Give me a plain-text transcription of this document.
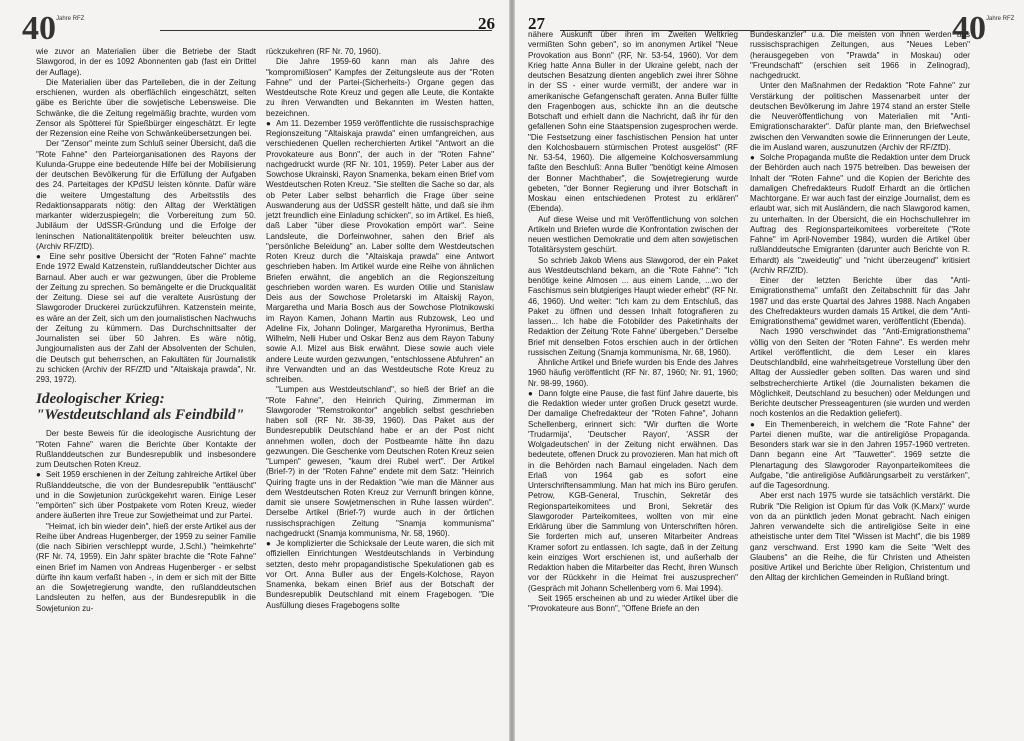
40 Jahre RFZ	40 Jahre RFZ
26 27

wie zuvor an Materialien über die Betriebe der Stadt Slawgorod, in der es 1092 Abonnenten gab (fast ein Drittel der Auflage).

Die Materialien über das Parteileben, die in der Zeitung erschienen, wurden als oberflächlich eingeschätzt, selten gäbe es Berichte über die sowjetische Lebensweise. Die Schwänke, die die Zeitung regelmäßig brachte, wurden vom Zensor als Spötterei für Spießbürger eingeschätzt. Er legte der Rezension eine Reihe von Schwänkeübersetzungen bei.

Der "Zensor" meinte zum Schluß seiner Übersicht, daß die "Rote Fahne" den Parteiorganisationen des Rayons der Kulunda-Gruppe eine bedeutende Hilfe bei der Mobilisierung der deutschen Bevölkerung für die Erfüllung der Aufgaben des 24. Parteitages der KPdSU leisten könnte. Dafür wäre die weitere Umgestaltung des Arbeitsstils des Redaktionsapparats nötig: den Alltag der Werktätigen markanter widerzuspiegeln; die Vorbereitung zum 50. Jubiläum der UdSSR-Gründung und die Erfolge der leninschen Nationalitätenpolitik breiter beleuchten usw. (Archiv RF/ZfD).

●  Eine sehr positive Übersicht der "Roten Fahne" machte Ende 1972 Ewald Katzenstein, rußlanddeutscher Dichter aus Barnaul. Aber auch er war gezwungen, über die Probleme der Zeitung zu sprechen. So bemängelte er die Druckqualität der Zeitung. Diese sei auf die veraltete Ausrüstung der Slawgoroder Druckerei zurückzuführen. Katzenstein meinte, es wäre an der Zeit, sich um den journalistischen Nachwuchs der Zeitung zu kümmern. Das Durchschnittsalter der Journalisten sei über 50 Jahren. Es wäre nötig, Jungjournalisten aus der Zahl der Absolventen der Schulen, die Deutsch gut beherrschen, an Fakultäten für Journalistik zu schicken (Archiv der RF/ZfD und "Altaiskaja prawda", Nr. 293, 1972).

Ideologischer Krieg:
"Westdeutschland als Feindbild"

Der beste Beweis für die ideologische Ausrichtung der "Roten Fahne" waren die Berichte über Kontakte der Rußlanddeutschen zur Bundesrepublik und insbesondere zum Deutschen Roten Kreuz.

●  Seit 1959 erschienen in der Zeitung zahlreiche Artikel über Rußlanddeutsche, die von der Bundesrepublik "enttäuscht" und in die Sowjetunion zurückgekehrt waren. Einige Leser "empörten" sich über Postpakete vom Roten Kreuz, wieder andere äußerten ihre Treue zur Sowjetheimat und zur Partei.

"Heimat, ich bin wieder dein", hieß der erste Artikel aus der Reihe über Andreas Hugenberger, der 1959 zu seiner Familie (die nach Sibirien verschleppt wurde, J.Schl.) "heimkehrte" (RF Nr. 74, 1959). Ein Jahr später brachte die "Rote Fahne" einen Brief im Namen von Andreas Hugenberger - er selbst dürfte ihn kaum verfaßt haben -, in dem er sich mit der Bitte an die Sowjetregierung wandte, den rußlanddeutschen Landsleuten zu helfen, aus der Bundesrepublik in die Sowjetunion zu-

rückzukehren (RF Nr. 70, 1960).

Die Jahre 1959-60 kann man als Jahre des "kompromißlosen" Kampfes der Zeitungsleute aus der "Roten Fahne" und der Partei-(Sicherheits-) Organe gegen das Westdeutsche Rote Kreuz und gegen alle Leute, die Kontakte zu ihren Verwandten und Bekannten im Westen hatten, bezeichnen.

●  Am 11. Dezember 1959 veröffentlichte die russischsprachige Regionszeitung "Altaiskaja prawda" einen umfangreichen, aus verschiedenen Quellen recherchierten Artikel "Antwort an die Provokateure aus Bonn", der auch in der "Roten Fahne" nachgedruckt wurde (RF Nr. 101, 1959). Peter Laber aus der Sowchose Ukrainski, Rayon Snamenka, bekam einen Brief vom Westdeutschen Roten Kreuz. "Sie stellten die Sache so dar, als ob Peter Laber selbst beharrlich die Frage über seine Auswanderung aus der UdSSR gestellt hätte, und daß sie ihm jetzt freundlich eine Einladung schicken", so im Artikel. Es hieß, daß Laber "über diese Provokation empört war". Seine Landsleute, die Dorfeinwohner, sahen den Brief als "persönliche Beleidung" an. Laber sollte dem Westdeutschen Roten Kreuz durch die "Altaiskaja prawda" eine Antwort geschrieben haben. Im Artikel wurde eine Reihe von ähnlichen Briefen erwähnt, die angeblich an die Regionszeitung geschrieben worden waren. Es wurden Otilie und Stanislaw Deis aus der Sowchose Proletarski im Altaiskij Rayon, Margaretha und Maria Bosch aus der Sowchose Plotnikowski im Rayon Kamen, Johann Martin aus Rubzowsk, Leo und Adeline Fix, Johann Dolinger, Margaretha Hyronimus, Bertha Wilhelm, Nelli Huber und Oskar Benz aus dem Rayon Tabuny sowie A.I. Mizel aus Bisk erwähnt. Diese sowie auch viele andere Leute wurden gezwungen, "entschlossene Abfuhren" an ihre Verwandten und an das Westdeutsche Rote Kreuz zu schreiben.

"Lumpen aus Westdeutschland", so hieß der Brief an die "Rote Fahne", den Heinrich Quiring, Zimmerman im Slawgoroder "Remstroikontor" angeblich selbst geschrieben haben soll (RF Nr. 38-39, 1960). Das Paket aus der Bundesrepublik Deutschland habe er an der Post nicht annehmen wollen, doch der Postbeamte hätte ihn dazu gezwungen. Die Geschenke vom Deutschen Roten Kreuz seien "Lumpen" gewesen, "kaum drei Rubel wert". Der Artikel (Brief-?) in der "Roten Fahne" endete mit dem Satz: "Heinrich Quiring fragte uns in der Redaktion "wie man die Männer aus dem Westdeutschen Roten Kreuz zur Vernunft bringen könne, damit sie unsere Sowjetmenschen in Ruhe lassen würden". Derselbe Artikel (Brief-?) wurde auch in der örtlichen russischsprachigen Zeitung "Snamja kommunisma" nachgedruckt (Snamja kommunisma, Nr. 58, 1960).

●  Je komplizierter die Schicksale der Leute waren, die sich mit offiziellen Einrichtungen Westdeutschlands in Verbindung setzten, desto mehr propagandistische Spekulationen gab es vor Ort. Anna Buller aus der Engels-Kolchose, Rayon Snamenka, bekam einen Brief aus der Botschaft der Bundesrepublik Deutschland mit einem Fragebogen. "Die Ausfüllung dieses Fragebogens sollte

nähere Auskunft über ihren im Zweiten Weltkrieg vermißten Sohn geben", so im anonymen Artikel "Neue Provokation aus Bonn" (RF, Nr. 53-54, 1960). Vor dem Krieg hatte Anna Buller in der Ukraine gelebt, nach der deutschen Besatzung dienten angeblich zwei ihrer Söhne in der SS - einer wurde vermißt, der andere war in amerikanische Gefangenschaft geraten. Anna Buller füllte den Fragenbogen aus, schickte ihn an die deutsche Botschaft und erhielt dann die Nachricht, daß ihr für den gefallenen Sohn eine Staatspension zugesprochen werde. "Die Festsetzung einer faschistischen Pension hat unter den Kolchosbauern stürmischen Protest ausgelöst" (RF Nr. 53-54, 1960). Die allgemeine Kolchosversammlung faßte den Beschluß: Anna Buller "benötigt keine Almosen der Bonner Machthaber", die Sowjetregierung wurde gebeten, "der Bonner Regierung und ihrer Botschaft in Moskau einen entschiedenen Protest zu erklären" (Ebenda).

Auf diese Weise und mit Veröffentlichung von solchen Artikeln und Briefen wurde die Konfrontation zwischen der neuen westlichen Demokratie und dem alten sowjetischen Totalitärsystem geschürt.

So schrieb Jakob Wiens aus Slawgorod, der ein Paket aus Westdeutschland bekam, an die "Rote Fahne": "Ich benötige keine Almosen ... aus einem Lande, ...wo der Faschismus sein blutgieriges Haupt wieder erhebt" (RF Nr. 46, 1960). Und weiter: "Ich kam zu dem Entschluß, das Paket zu öffnen und dessen Inhalt fotografieren zu lassen... Ich habe die Fotobilder des Paketinhalts der Redaktion der Zeitung 'Rote Fahne' übergeben." Derselbe Brief mit denselben Fotos erschien auch in der örtlichen russischen Zeitung (Snamja kommunisma, Nr. 68, 1960).

Ähnliche Artikel und Briefe wurden bis Ende des Jahres 1960 häufig veröffentlicht (RF Nr. 87, 1960; Nr. 91, 1960; Nr. 98-99, 1960).

●  Dann folgte eine Pause, die fast fünf Jahre dauerte, bis die Redaktion wieder unter großen Druck gesetzt wurde. Der damalige Chefredakteur der "Roten Fahne", Johann Schellenberg, erinnert sich: "Wir durften die Worte 'Trudarmija', 'Deutscher Rayon', 'ASSR der Wolgadeutschen' in der Zeitung nicht erwähnen. Das bedeutete, offenen Druck zu provozieren. Man hat mich oft in die Behörden nach Barnaul eingeladen. Nach dem Erlaß von 1964 gab es sofort eine Unterschriftensammlung. Man hat mich ins Büro gerufen. Petrow, KGB-General, Truschin, Sekretär des Regionsparteikomitees und Broni, Sekretär des Slawgoroder Parteikomitees, wollten von mir eine Erklärung über die Sammlung von Unterschriften hören. Sie forderten mich auf, unseren Mitarbeiter Andreas Kramer sofort zu entlassen. Ich sagte, daß in der Zeitung kein einziges Wort erschienen ist, und außerhalb der Redaktion haben die Mitarbeiter das Recht, ihren Wunsch vor der Rückkehr in die Heimat frei auszusprechen" (Gespräch mit Johann Schellenberg vom 6. Mai 1994).

Seit 1965 erscheinen ab und zu wieder Artikel über die "Provokateure aus Bonn", "Offene Briefe an den

Bundeskanzler" u.a. Die meisten von ihnen werden aus russischsprachigen Zeitungen, aus "Neues Leben" (herausgegeben von "Prawda" in Moskau) oder "Freundschaft" (erschien seit 1966 in Zelinograd), nachgedruckt.

Unter den Maßnahmen der Redaktion "Rote Fahne" zur Verstärkung der politischen Massenarbeit unter der deutschen Bevölkerung im Jahre 1974 stand an erster Stelle die Neuveröffentlichung von Materialien mit "Anti-Emigrationscharakter". Dafür plante man, den Briefwechsel zwischen den Verwandten sowie die Erinnerungen der Leute, die im Ausland waren, auszunutzen (Archiv der RF/ZfD).

●  Solche Propaganda mußte die Redaktion unter dem Druck der Behörden auch nach 1975 betreiben. Das beweisen der Inhalt der "Roten Fahne" und die Kopien der Berichte des damaligen Chefredakteurs Rudolf Erhardt an die örtlichen Machtorgane. Er war auch fast der einzige Journalist, dem es erlaubt war, sich mit Ausländern, die nach Slawgorod kamen, zu unterhalten. In der Übersicht, die ein Hochschullehrer im Auftrag des Regionsparteikomitees vorbereitete ("Rote Fahne" im April-November 1984), wurden die Artikel über rußlanddeutsche Emigranten (darunter auch Berichte von R. Erhardt) als "zweideutig" und "nicht überzeugend" kritisiert (Archiv RF/ZfD).

Einer der letzten Berichte über das "Anti-Emigrationsthema" umfaßt den Zeitabschnitt für das Jahr 1987 und das erste Quartal des Jahres 1988. Nach Angaben des Chefredakteurs wurden damals 15 Artikel, die dem "Anti-Emigrationsthema" gewidmet waren, veröffentlicht (Ebenda).

Nach 1990 verschwindet das "Anti-Emigrationsthema" völlig von den Seiten der "Roten Fahne". Es werden mehr Artikel veröffentlicht, die dem Leser ein klares Deutschlandbild, eine wahrheitsgetreue Vorstellung über den Alltag der Aussiedler geben sollten. Das waren und sind selbstrecherchierte Artikel (die Journalisten bekamen die Möglichkeit, Deutschland zu besuchen) oder Meldungen und Berichte deutscher Presseagenturen (sie wurden und werden noch kostenlos an die Redaktion geliefert).

●  Ein Themenbereich, in welchem die "Rote Fahne" der Partei dienen mußte, war die antireligiöse Propaganda. Besonders stark war sie in den Jahren 1957-1960 vertreten. Dann begann eine Art "Tauwetter". 1969 setzte die Plenartagung des Slawgoroder Rayonparteikomitees die Aufgabe, "die antireligiöse Aufklärungsarbeit zu verstärken", auf die Tagesordnung.

Aber erst nach 1975 wurde sie tatsächlich verstärkt. Die Rubrik "Die Religion ist Opium für das Volk (K.Marx)" wurde von da an pünktlich jeden Monat gebracht. Nach einigen Jahren verwandelte sich die antireligiöse Seite in eine atheistische unter dem Titel "Wissen ist Macht", die bis 1989 ganz verschwand. Erst 1990 kam die Seite "Welt des Glaubens" an die Reihe, die für Christen und Atheisten positive Artikel und Berichte über Religion, Christentum und den Alltag der kirchlichen Gemeinden in Rußland bringt.
